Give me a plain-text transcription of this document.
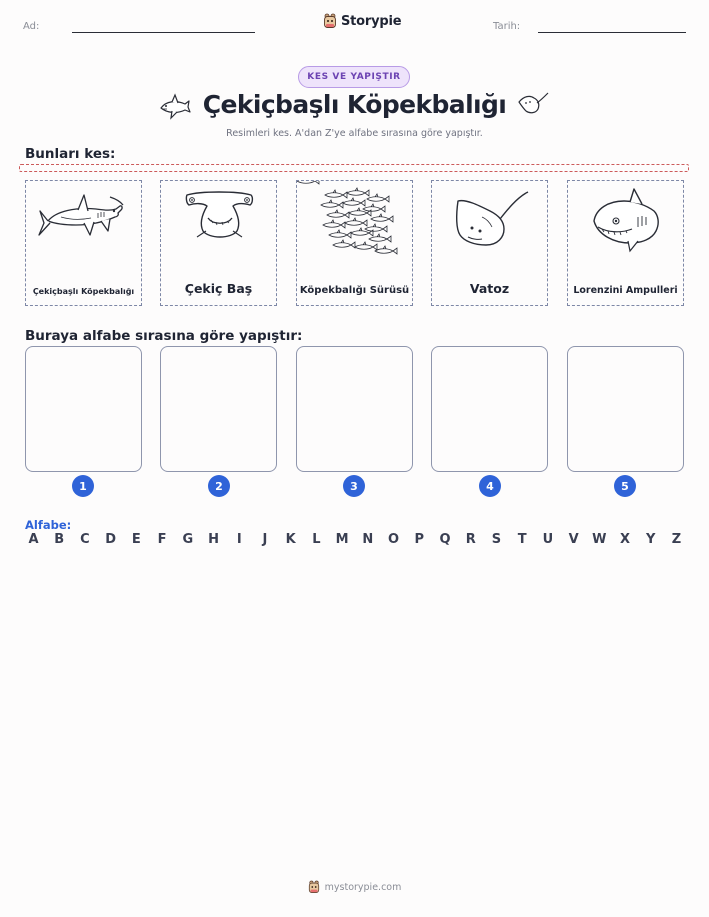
Ad:	Storypie	Tarih:
KES VE YAPIŞTIR
Çekiçbaşlı Köpekbalığı
Resimleri kes. A'dan Z'ye alfabe sırasına göre yapıştır.
Bunları kes:
Çekiçbaşlı Köpekbalığı	Çekiç Baş	Köpekbalığı Sürüsü	Vatoz	Lorenzini Ampulleri
Buraya alfabe sırasına göre yapıştır:
1	2	3	4	5
Alfabe:
A B C D	E	F	G H	I	J	K	L	M N O P Q R S	T	U V W X Y Z
mystorypie.com
